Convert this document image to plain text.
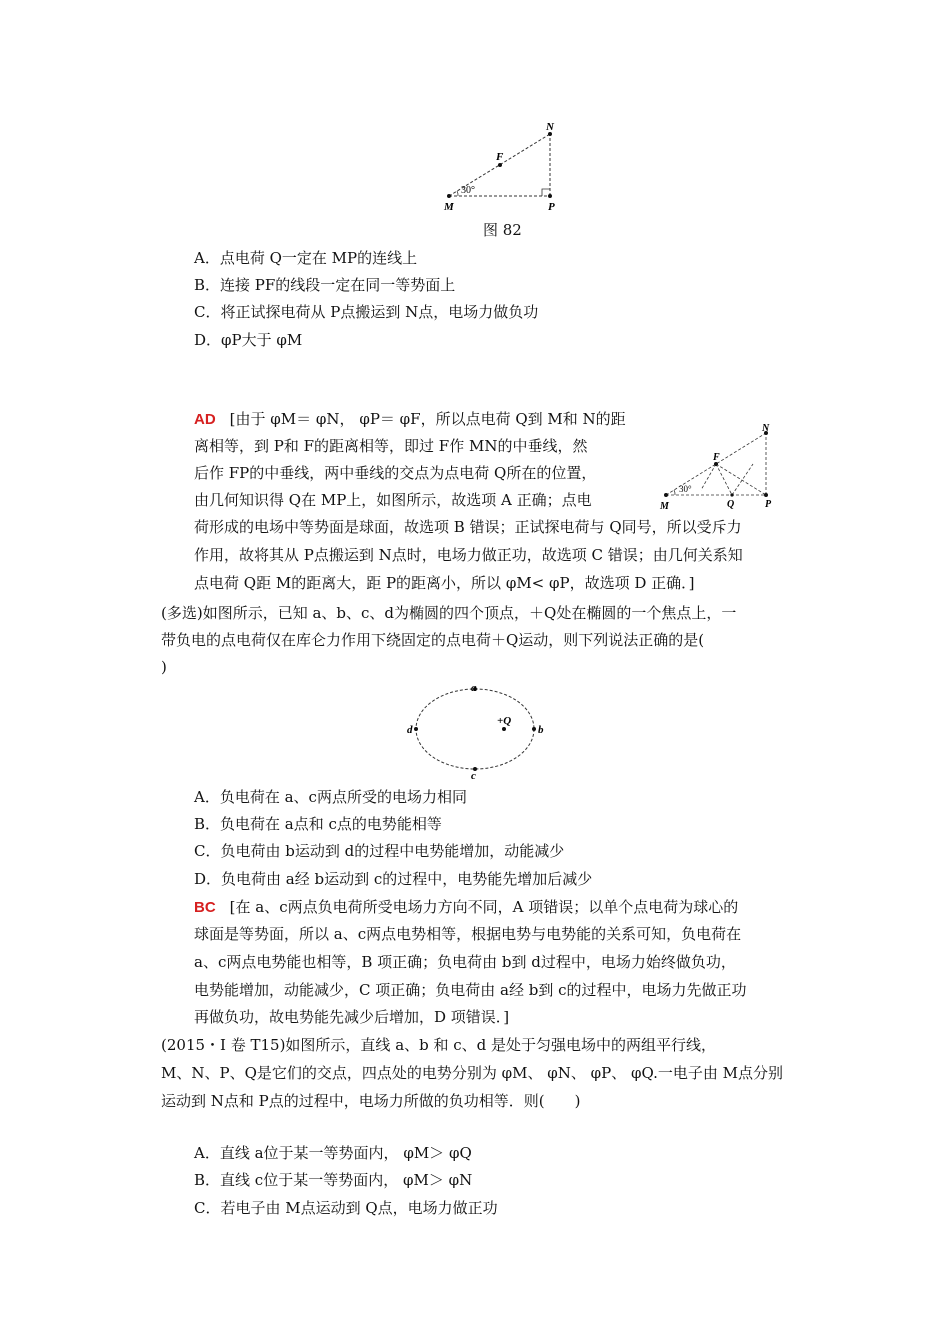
N
F
M	P
30°
图 82
A．点电荷 Q一定在 MP的连线上
B．连接 PF的线段一定在同一等势面上
C．将正试探电荷从 P点搬运到 N点，电场力做负功
D．φP大于 φM
AD [由于 φM＝ φN， φP＝ φF，所以点电荷 Q到 M和 N的距
离相等，到 P和 F的距离相等，即过 F作 MN的中垂线，然
后作 FP的中垂线，两中垂线的交点为点电荷 Q所在的位置，
由几何知识得 Q在 MP上，如图所示，故选项 A 正确；点电
荷形成的电场中等势面是球面，故选项 B 错误；正试探电荷与 Q同号，所以受斥力
作用，故将其从 P点搬运到 N点时，电场力做正功，故选项 C 错误；由几何关系知
点电荷 Q距 M的距离大，距 P的距离小，所以 φM< φP，故选项 D 正确．]
N
F
M	Q	P
30°
(多选)如图所示，已知 a、b、c、d为椭圆的四个顶点，＋Q处在椭圆的一个焦点上，一
带负电的点电荷仅在库仑力作用下绕固定的点电荷＋Q运动，则下列说法正确的是(
)
a
b
c
d
+Q
A．负电荷在 a、c两点所受的电场力相同
B．负电荷在 a点和 c点的电势能相等
C．负电荷由 b运动到 d的过程中电势能增加，动能减少
D．负电荷由 a经 b运动到 c的过程中，电势能先增加后减少
BC [在 a、c两点负电荷所受电场力方向不同，A 项错误；以单个点电荷为球心的
球面是等势面，所以 a、c两点电势相等，根据电势与电势能的关系可知，负电荷在
a、c两点电势能也相等，B 项正确；负电荷由 b到 d过程中，电场力始终做负功，
电势能增加，动能减少，C 项正确；负电荷由 a经 b到 c的过程中，电场力先做正功
再做负功，故电势能先减少后增加，D 项错误．]
(2015・Ⅰ 卷 T15)如图所示，直线 a、b 和 c、d 是处于匀强电场中的两组平行线，
M、N、P、Q是它们的交点，四点处的电势分别为 φM、 φN、 φP、 φQ.一电子由 M点分别
运动到 N点和 P点的过程中，电场力所做的负功相等．则(　　)
A．直线 a位于某一等势面内， φM＞ φQ
B．直线 c位于某一等势面内， φM＞ φN
C．若电子由 M点运动到 Q点，电场力做正功
